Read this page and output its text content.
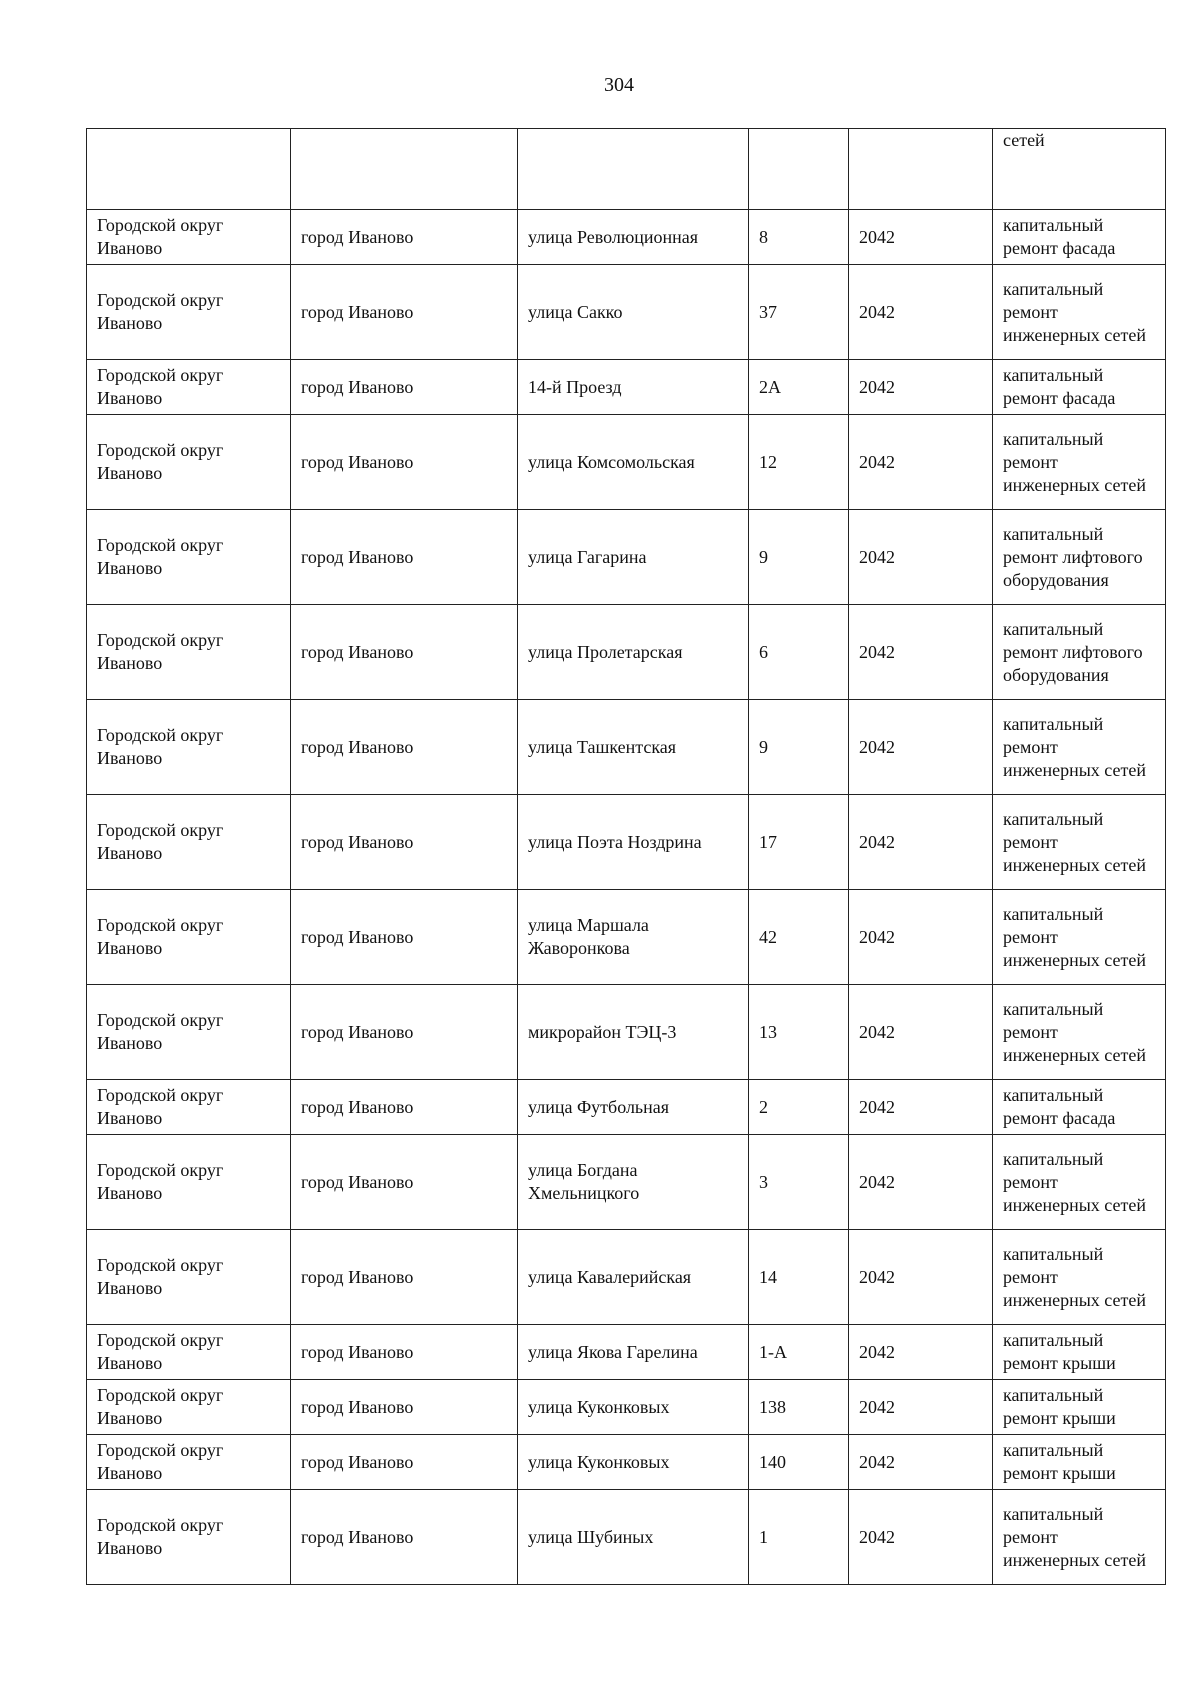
304
					сетей
Городской округ Иваново	город Иваново	улица Революционная	8	2042	капитальный ремонт фасада
Городской округ Иваново	город Иваново	улица Сакко	37	2042	капитальный ремонт инженерных сетей
Городской округ Иваново	город Иваново	14-й Проезд	2А	2042	капитальный ремонт фасада
Городской округ Иваново	город Иваново	улица Комсомольская	12	2042	капитальный ремонт инженерных сетей
Городской округ Иваново	город Иваново	улица Гагарина	9	2042	капитальный ремонт лифтового оборудования
Городской округ Иваново	город Иваново	улица Пролетарская	6	2042	капитальный ремонт лифтового оборудования
Городской округ Иваново	город Иваново	улица Ташкентская	9	2042	капитальный ремонт инженерных сетей
Городской округ Иваново	город Иваново	улица Поэта Ноздрина	17	2042	капитальный ремонт инженерных сетей
Городской округ Иваново	город Иваново	улица Маршала Жаворонкова	42	2042	капитальный ремонт инженерных сетей
Городской округ Иваново	город Иваново	микрорайон ТЭЦ-3	13	2042	капитальный ремонт инженерных сетей
Городской округ Иваново	город Иваново	улица Футбольная	2	2042	капитальный ремонт фасада
Городской округ Иваново	город Иваново	улица Богдана Хмельницкого	3	2042	капитальный ремонт инженерных сетей
Городской округ Иваново	город Иваново	улица Кавалерийская	14	2042	капитальный ремонт инженерных сетей
Городской округ Иваново	город Иваново	улица Якова Гарелина	1-А	2042	капитальный ремонт крыши
Городской округ Иваново	город Иваново	улица Куконковых	138	2042	капитальный ремонт крыши
Городской округ Иваново	город Иваново	улица Куконковых	140	2042	капитальный ремонт крыши
Городской округ Иваново	город Иваново	улица Шубиных	1	2042	капитальный ремонт инженерных сетей
